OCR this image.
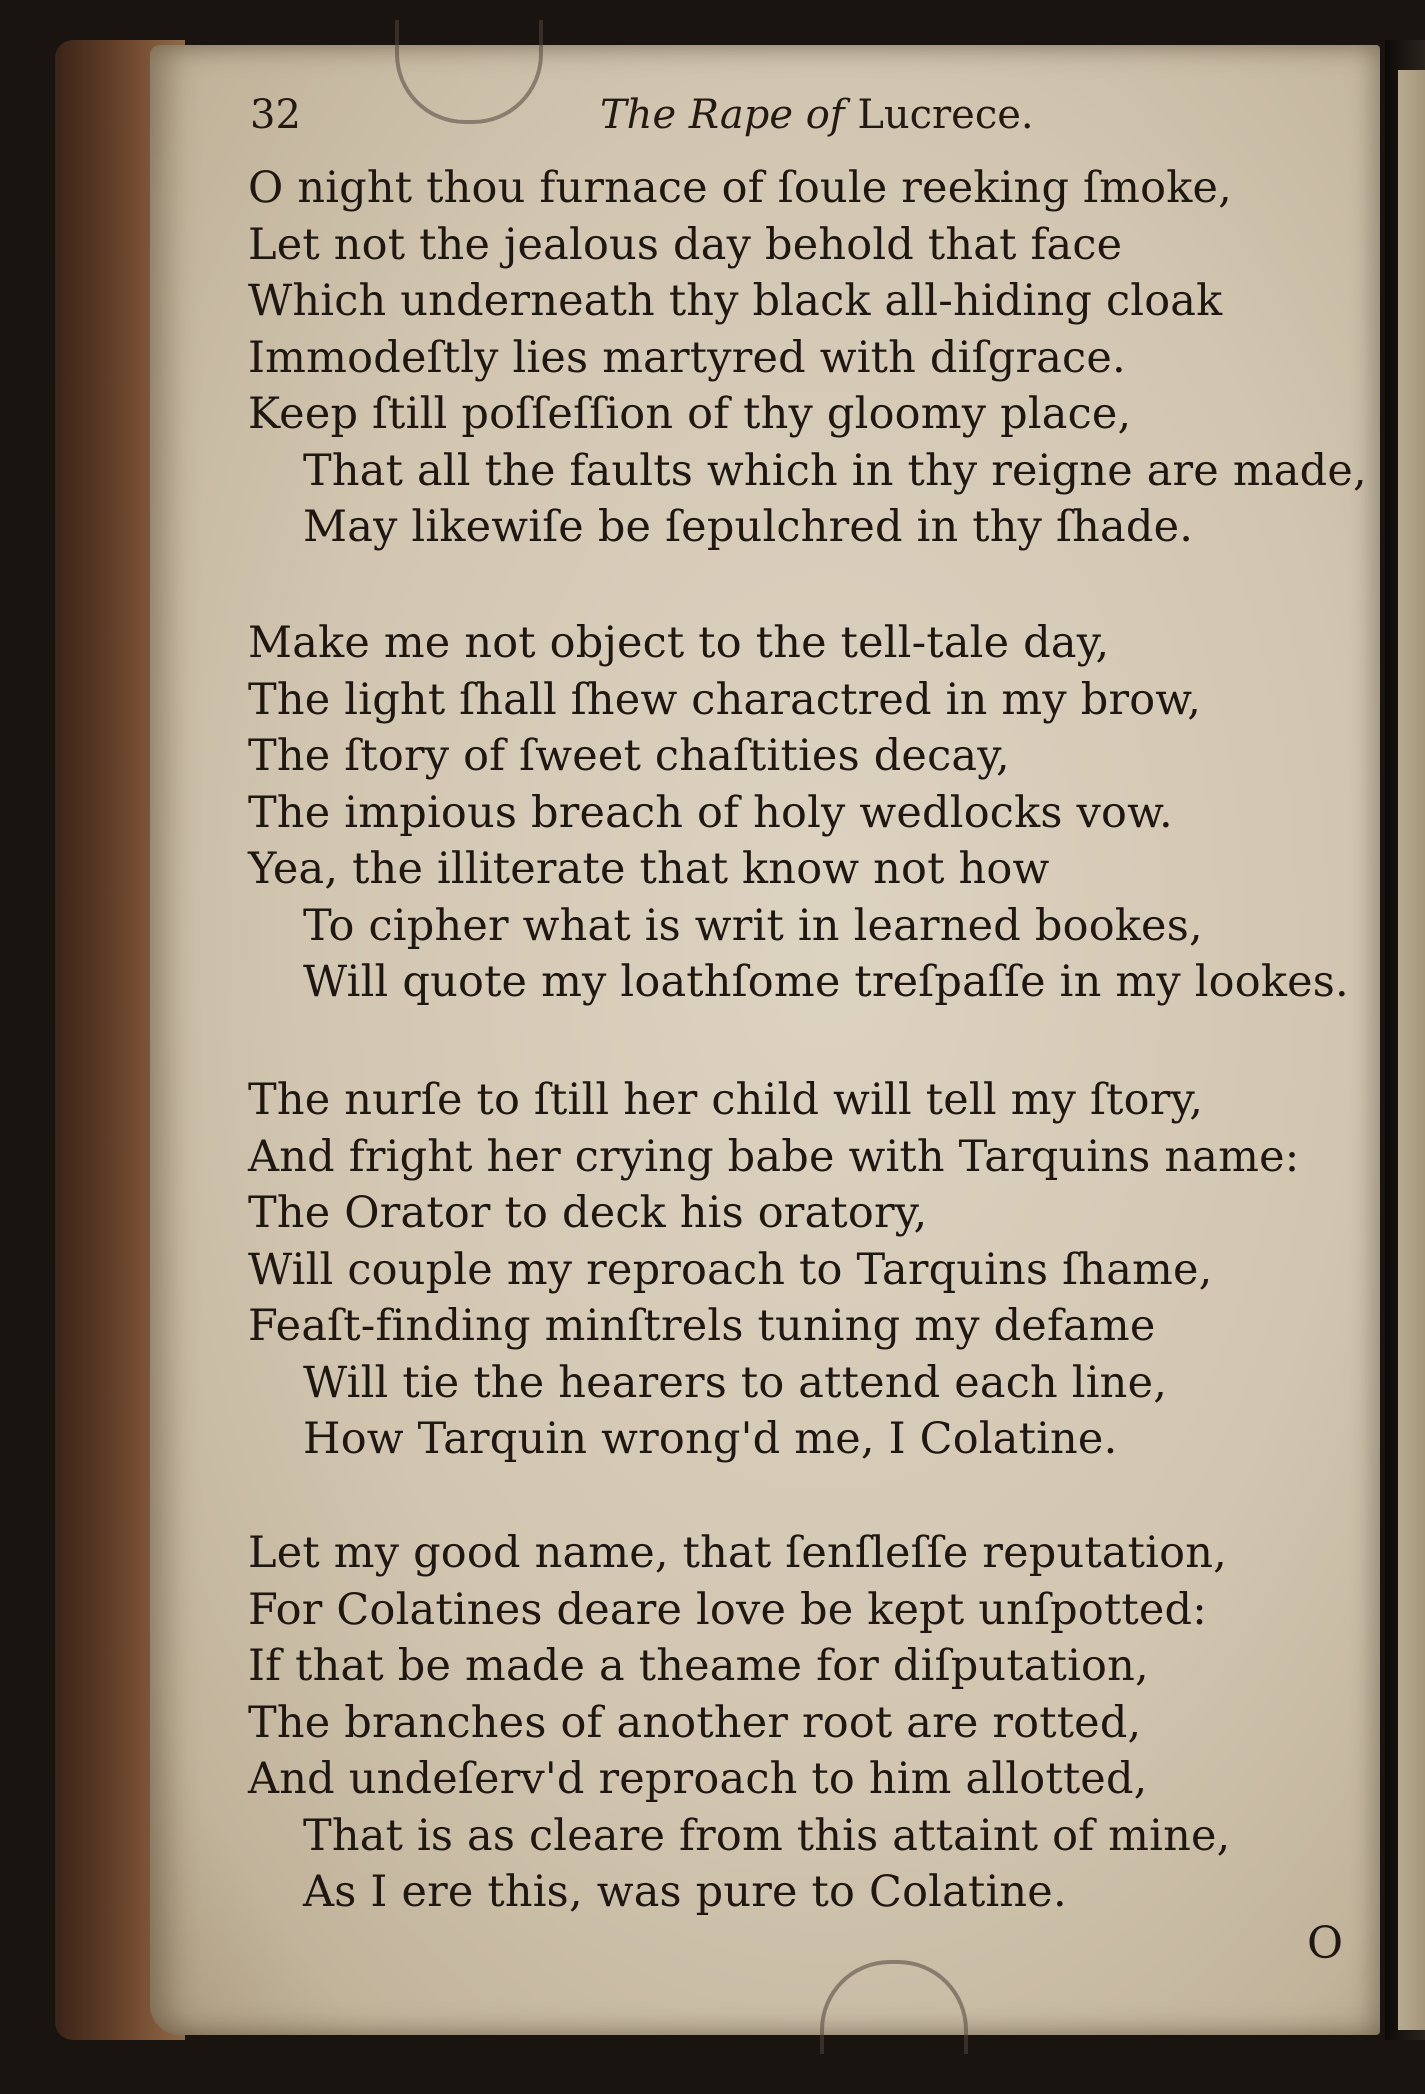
32	The Rape of Lucrece.
O night thou furnace of ſoule reeking ſmoke,
Let not the jealous day behold that face
Which underneath thy black all-hiding cloak
Immodeſtly lies martyred with diſgrace.
Keep ſtill poſſeſſion of thy gloomy place,
That all the faults which in thy reigne are made,
May likewiſe be ſepulchred in thy ſhade.
Make me not object to the tell-tale day,
The light ſhall ſhew charactred in my brow,
The ſtory of ſweet chaſtities decay,
The impious breach of holy wedlocks vow.
Yea, the illiterate that know not how
To cipher what is writ in learned bookes,
Will quote my loathſome treſpaſſe in my lookes.
The nurſe to ſtill her child will tell my ſtory,
And fright her crying babe with Tarquins name:
The Orator to deck his oratory,
Will couple my reproach to Tarquins ſhame,
Feaſt-finding minſtrels tuning my defame
Will tie the hearers to attend each line,
How Tarquin wrong'd me, I Colatine.
Let my good name, that ſenſleſſe reputation,
For Colatines deare love be kept unſpotted:
If that be made a theame for diſputation,
The branches of another root are rotted,
And undeſerv'd reproach to him allotted,
That is as cleare from this attaint of mine,
As I ere this, was pure to Colatine.
O
